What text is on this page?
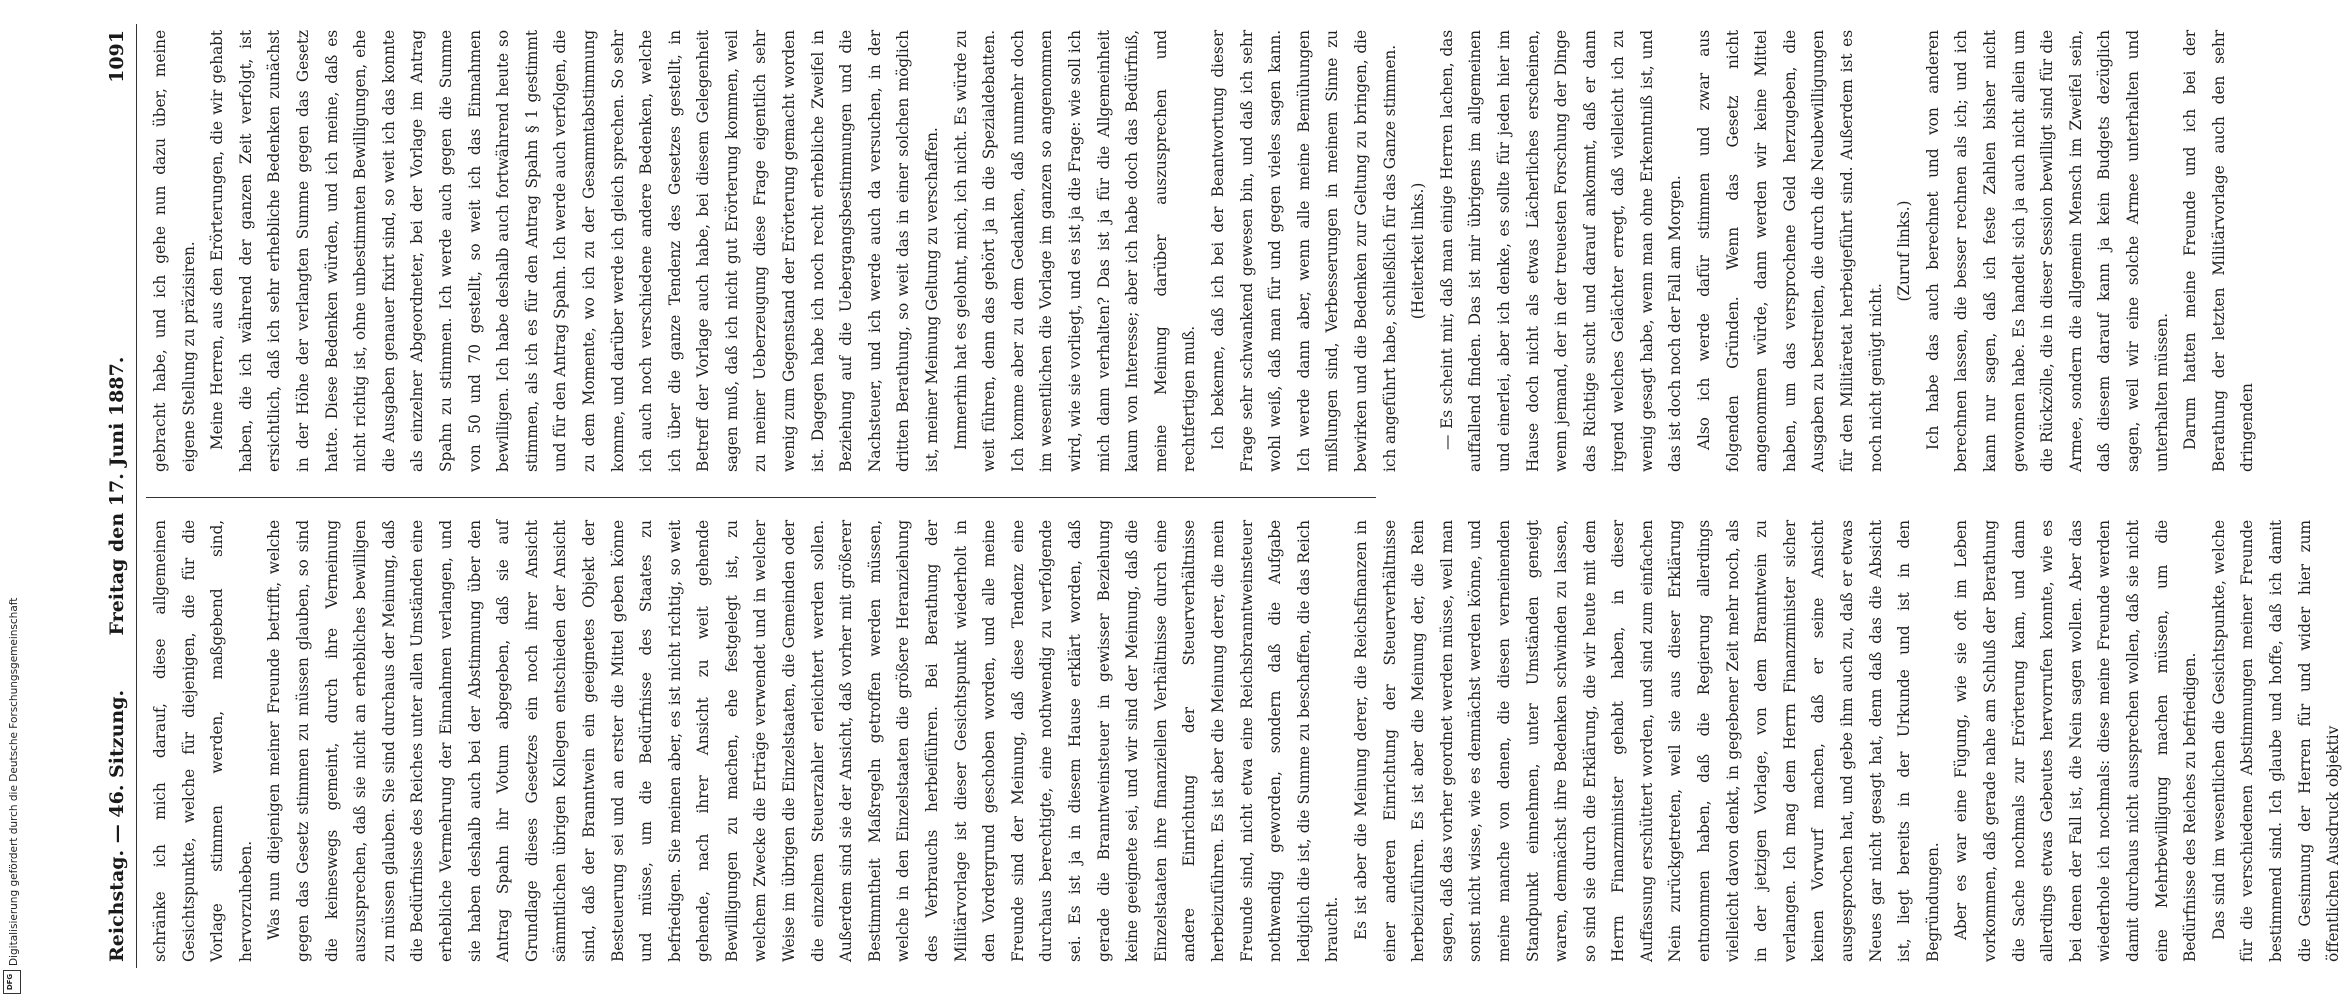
Reichstag. — 46. Sitzung.
Freitag den 17. Juni 1887.
1091

schränke ich mich darauf, diese allgemeinen Gesichtspunkte, welche für diejenigen, die für die Vorlage stimmen werden, maßgebend sind, hervorzuheben. Was nun diejenigen meiner Freunde betrifft, welche gegen das Gesetz stimmen zu müssen glauben, so sind die keineswegs gemeint, durch ihre Verneinung auszusprechen, daß sie nicht an erhebliches bewilligen zu müssen glauben. Sie sind durchaus der Meinung, daß die Bedürfnisse des Reiches unter allen Umständen eine erhebliche Vermehrung der Einnahmen verlangen, und sie haben deshalb auch bei der Abstimmung über den Antrag Spahn ihr Votum abgegeben, daß sie auf Grundlage dieses Gesetzes ein noch ihrer Ansicht sämmtlichen übrigen Kollegen entschieden der Ansicht sind, daß der Branntwein ein geeignetes Objekt der Besteuerung sei und an erster die Mittel geben könne und müsse, um die Bedürfnisse des Staates zu befriedigen. Sie meinen aber, es ist nicht richtig, so weit gehende, nach ihrer Ansicht zu weit gehende Bewilligungen zu machen, ehe festgelegt ist, zu welchem Zwecke die Erträge verwendet und in welcher Weise im übrigen die Einzelstaaten, die Gemeinden oder die einzelnen Steuerzahler erleichtert werden sollen. Außerdem sind sie der Ansicht, daß vorher mit größerer Bestimmtheit Maßregeln getroffen werden müssen, welche in den Einzelstaaten die größere Heranziehung des Verbrauchs herbeiführen. Bei Berathung der Militärvorlage ist dieser Gesichtspunkt wiederholt in den Vordergrund geschoben worden, und alle meine Freunde sind der Meinung, daß diese Tendenz eine durchaus berechtigte, eine nothwendig zu verfolgende sei. Es ist ja in diesem Hause erklärt worden, daß gerade die Branntweinsteuer in gewisser Beziehung keine geeignete sei, und wir sind der Meinung, daß die Einzelstaaten ihre finanziellen Verhältnisse durch eine andere Einrichtung der Steuerverhältnisse herbeizuführen. Es ist aber die Meinung derer, die mein Freunde sind, nicht etwa eine Reichsbranntweinsteuer nothwendig geworden, sondern daß die Aufgabe lediglich die ist, die Summe zu beschaffen, die das Reich braucht. Es ist aber die Meinung derer, die Reichsfinanzen in einer anderen Einrichtung der Steuerverhältnisse herbeizuführen. Es ist aber die Meinung der, die Rein sagen, daß das vorher geordnet werden müsse, weil man sonst nicht wisse, wie es demnächst werden könne, und meine manche von denen, die diesen verneinenden Standpunkt einnehmen, unter Umständen geneigt waren, demnächst ihre Bedenken schwinden zu lassen, so sind sie durch die Erklärung, die wir heute mit dem Herrn Finanzminister gehabt haben, in dieser Auffassung erschüttert worden, und sind zum einfachen Nein zurückgetreten, weil sie aus dieser Erklärung entnommen haben, daß die Regierung allerdings vielleicht davon denkt, in gegebener Zeit mehr noch, als in der jetzigen Vorlage, von dem Branntwein zu verlangen. Ich mag dem Herrn Finanzminister sicher keinen Vorwurf machen, daß er seine Ansicht ausgesprochen hat, und gebe ihm auch zu, daß er etwas Neues gar nicht gesagt hat, denn daß das die Absicht ist, liegt bereits in der Urkunde und ist in den Begründungen. Aber es war eine Fügung, wie sie oft im Leben vorkommen, daß gerade nahe am Schluß der Berathung die Sache nochmals zur Erörterung kam, und dann allerdings etwas Gebeutes hervorrufen konnte, wie es bei denen der Fall ist, die Nein sagen wollen. Aber das wiederhole ich nochmals: diese meine Freunde werden damit durchaus nicht aussprechen wollen, daß sie nicht eine Mehrbewilligung machen müssen, um die Bedürfnisse des Reiches zu befriedigen. Das sind im wesentlichen die Gesichtspunkte, welche für die verschiedenen Abstimmungen meiner Freunde bestimmend sind. Ich glaube und hoffe, daß ich damit die Gesinnung der Herren für und wider hier zum öffentlichen Ausdruck objektiv

gebracht habe, und ich gehe nun dazu über, meine eigene Stellung zu präzisiren. Meine Herren, aus den Erörterungen, die wir gehabt haben, die ich während der ganzen Zeit verfolgt, ist ersichtlich, daß ich sehr erhebliche Bedenken zunächst in der Höhe der verlangten Summe gegen das Gesetz hatte. Diese Bedenken würden, und ich meine, daß es nicht richtig ist, ohne unbestimmten Bewilligungen, ehe die Ausgaben genauer fixirt sind, so weit ich das konnte als einzelner Abgeordneter, bei der Vorlage im Antrag Spahn zu stimmen. Ich werde auch gegen die Summe von 50 und 70 gestellt, so weit ich das Einnahmen bewilligen. Ich habe deshalb auch fortwährend heute so stimmen, als ich es für den Antrag Spahn § 1 gestimmt und für den Antrag Spahn. Ich werde auch verfolgen, die zu dem Momente, wo ich zu der Gesammtabstimmung komme, und darüber werde ich gleich sprechen. So sehr ich auch noch verschiedene andere Bedenken, welche ich über die ganze Tendenz des Gesetzes gestellt, in Betreff der Vorlage auch habe, bei diesem Gelegenheit sagen muß, daß ich nicht gut Erörterung kommen, weil zu meiner Ueberzeugung diese Frage eigentlich sehr wenig zum Gegenstand der Erörterung gemacht worden ist. Dagegen habe ich noch recht erhebliche Zweifel in Beziehung auf die Uebergangsbestimmungen und die Nachsteuer, und ich werde auch da versuchen, in der dritten Berathung, so weit das in einer solchen möglich ist, meiner Meinung Geltung zu verschaffen. Immerhin hat es gelohnt, mich, ich nicht. Es würde zu weit führen, denn das gehört ja in die Spezialdebatten. Ich komme aber zu dem Gedanken, daß nunmehr doch im wesentlichen die Vorlage im ganzen so angenommen wird, wie sie vorliegt, und es ist ja die Frage: wie soll ich mich dann verhalten? Das ist ja für die Allgemeinheit kaum von Interesse; aber ich habe doch das Bedürfniß, meine Meinung darüber auszusprechen und rechtfertigen muß. Ich bekenne, daß ich bei der Beantwortung dieser Frage sehr schwankend gewesen bin, und daß ich sehr wohl weiß, daß man für und gegen vieles sagen kann. Ich werde dann aber, wenn alle meine Bemühungen mißlungen sind, Verbesserungen in meinem Sinne zu bewirken und die Bedenken zur Geltung zu bringen, die ich angeführt habe, schließlich für das Ganze stimmen. (Heiterkeit links.) — Es scheint mir, daß man einige Herren lachen, das auffallend finden. Das ist mir übrigens im allgemeinen und einerlei, aber ich denke, es sollte für jeden hier im Hause doch nicht als etwas Lächerliches erscheinen, wenn jemand, der in der treuesten Forschung der Dinge das Richtige sucht und darauf ankommt, daß er dann irgend welches Gelächter erregt, daß vielleicht ich zu wenig gesagt habe, wenn man ohne Erkenntniß ist, und das ist doch noch der Fall am Morgen. Also ich werde dafür stimmen und zwar aus folgenden Gründen. Wenn das Gesetz nicht angenommen würde, dann werden wir keine Mittel haben, um das versprochene Geld herzugeben, die Ausgaben zu bestreiten, die durch die Neubewilligungen für den Militäretat herbeigeführt sind. Außerdem ist es noch nicht genügt nicht.

(Zuruf links.) Ich habe das auch berechnet und von anderen berechnen lassen, die besser rechnen als ich; und ich kann nur sagen, daß ich feste Zahlen bisher nicht gewonnen habe. Es handelt sich ja auch nicht allein um die Rückzölle, die in dieser Session bewilligt sind für die Armee, sondern die allgemein Mensch im Zweifel sein, daß diesem darauf kann ja kein Budgets dezüglich sagen, weil wir eine solche Armee unterhalten und unterhalten müssen. Darum hatten meine Freunde und ich bei der Berathung der letzten Militärvorlage auch den sehr dringenden

Digitalisierung gefördert durch die Deutsche Forschungsgemeinschaft
DFG
